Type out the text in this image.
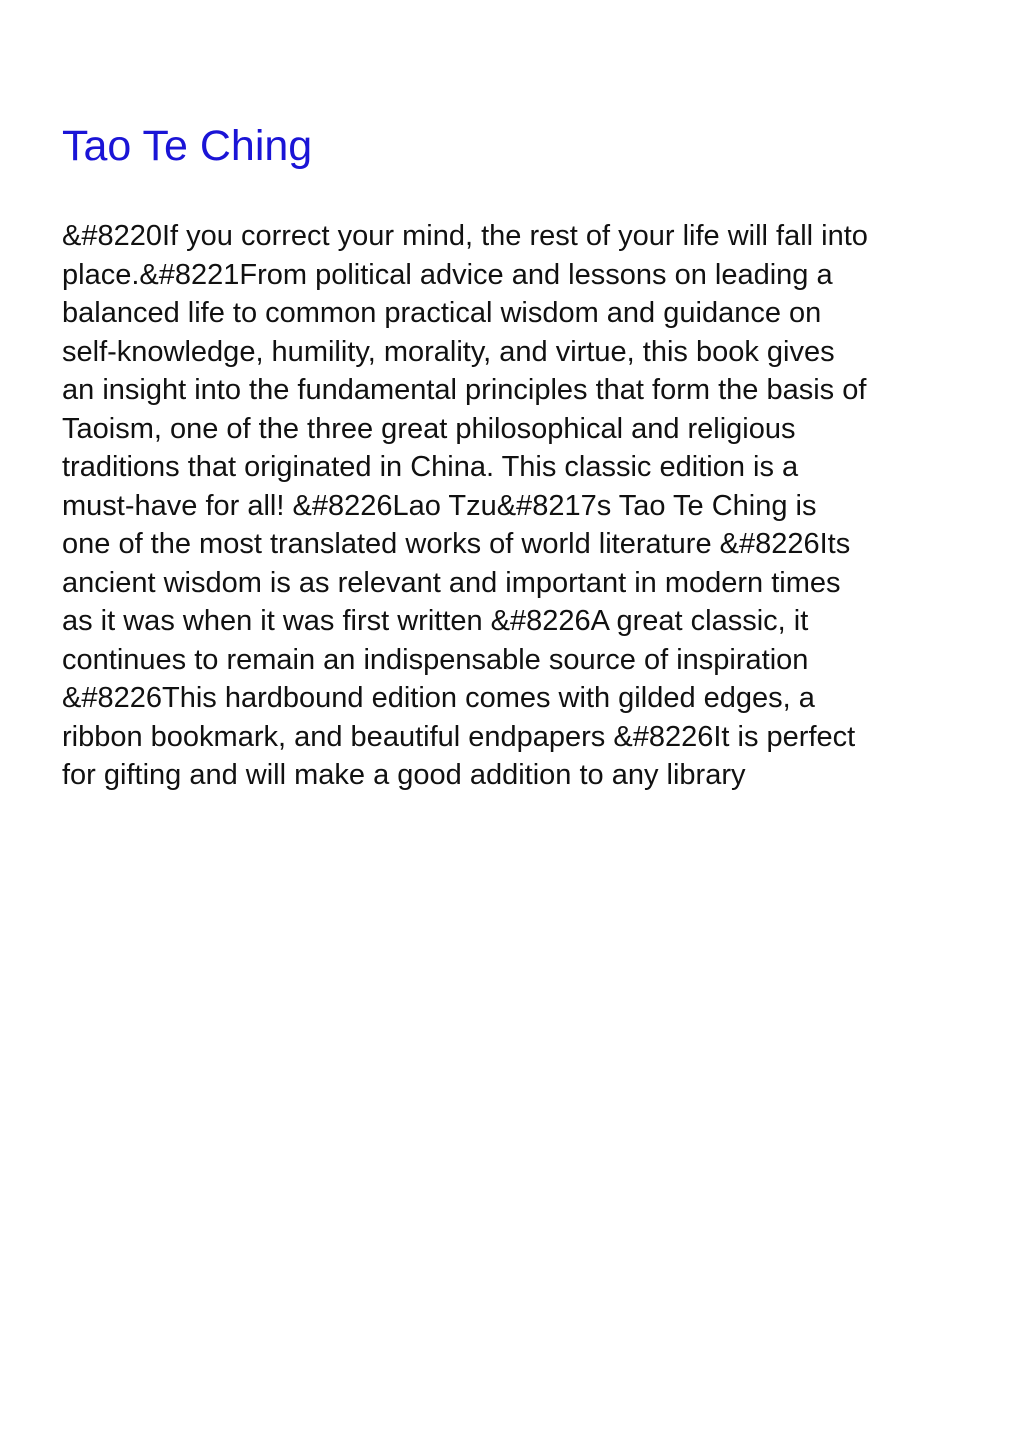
Tao Te Ching
&#8220If you correct your mind, the rest of your life will fall into
place.&#8221From political advice and lessons on leading a
balanced life to common practical wisdom and guidance on
self-knowledge, humility, morality, and virtue, this book gives
an insight into the fundamental principles that form the basis of
Taoism, one of the three great philosophical and religious
traditions that originated in China. This classic edition is a
must-have for all! &#8226Lao Tzu&#8217s Tao Te Ching is
one of the most translated works of world literature &#8226Its
ancient wisdom is as relevant and important in modern times
as it was when it was first written &#8226A great classic, it
continues to remain an indispensable source of inspiration
&#8226This hardbound edition comes with gilded edges, a
ribbon bookmark, and beautiful endpapers &#8226It is perfect
for gifting and will make a good addition to any library
